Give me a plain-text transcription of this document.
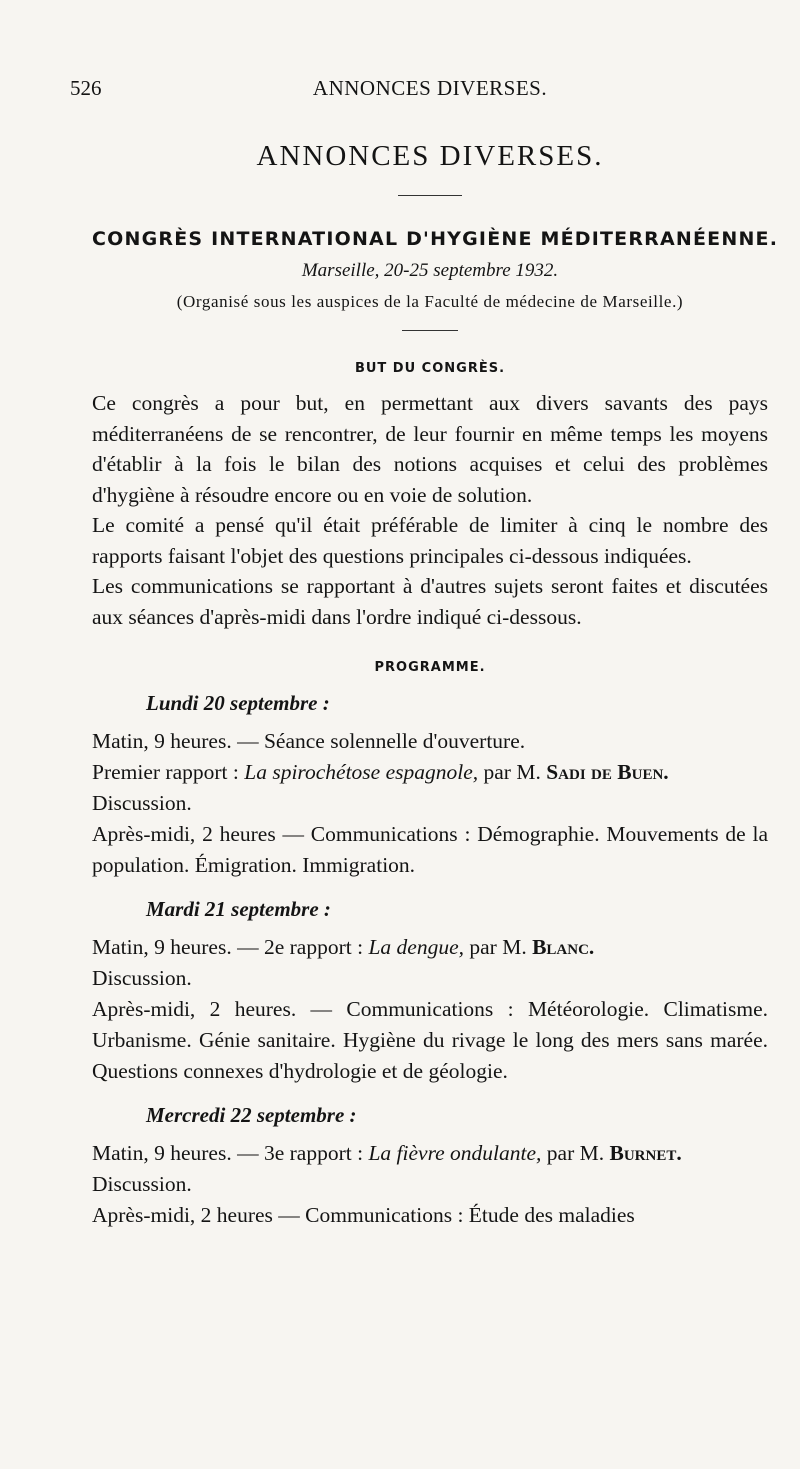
526	ANNONCES DIVERSES.
ANNONCES DIVERSES.
CONGRÈS INTERNATIONAL D'HYGIÈNE MÉDITERRANÉENNE.
Marseille, 20-25 septembre 1932.
(Organisé sous les auspices de la Faculté de médecine de Marseille.)
BUT DU CONGRÈS.

Ce congrès a pour but, en permettant aux divers savants des pays méditerranéens de se rencontrer, de leur fournir en même temps les moyens d'établir à la fois le bilan des notions acquises et celui des problèmes d'hygiène à résoudre encore ou en voie de solution.

Le comité a pensé qu'il était préférable de limiter à cinq le nombre des rapports faisant l'objet des questions principales ci-dessous indiquées.

Les communications se rapportant à d'autres sujets seront faites et discutées aux séances d'après-midi dans l'ordre indiqué ci-dessous.

PROGRAMME.
Lundi 20 septembre :

Matin, 9 heures. — Séance solennelle d'ouverture.

Premier rapport : La spirochétose espagnole, par M. Sadi de Buen.

Discussion.

Après-midi, 2 heures — Communications : Démographie. Mouvements de la population. Émigration. Immigration.

Mardi 21 septembre :

Matin, 9 heures. — 2e rapport : La dengue, par M. Blanc.

Discussion.

Après-midi, 2 heures. — Communications : Météorologie. Climatisme. Urbanisme. Génie sanitaire. Hygiène du rivage le long des mers sans marée. Questions connexes d'hydrologie et de géologie.

Mercredi 22 septembre :

Matin, 9 heures. — 3e rapport : La fièvre ondulante, par M. Burnet.

Discussion.

Après-midi, 2 heures — Communications : Étude des maladies
